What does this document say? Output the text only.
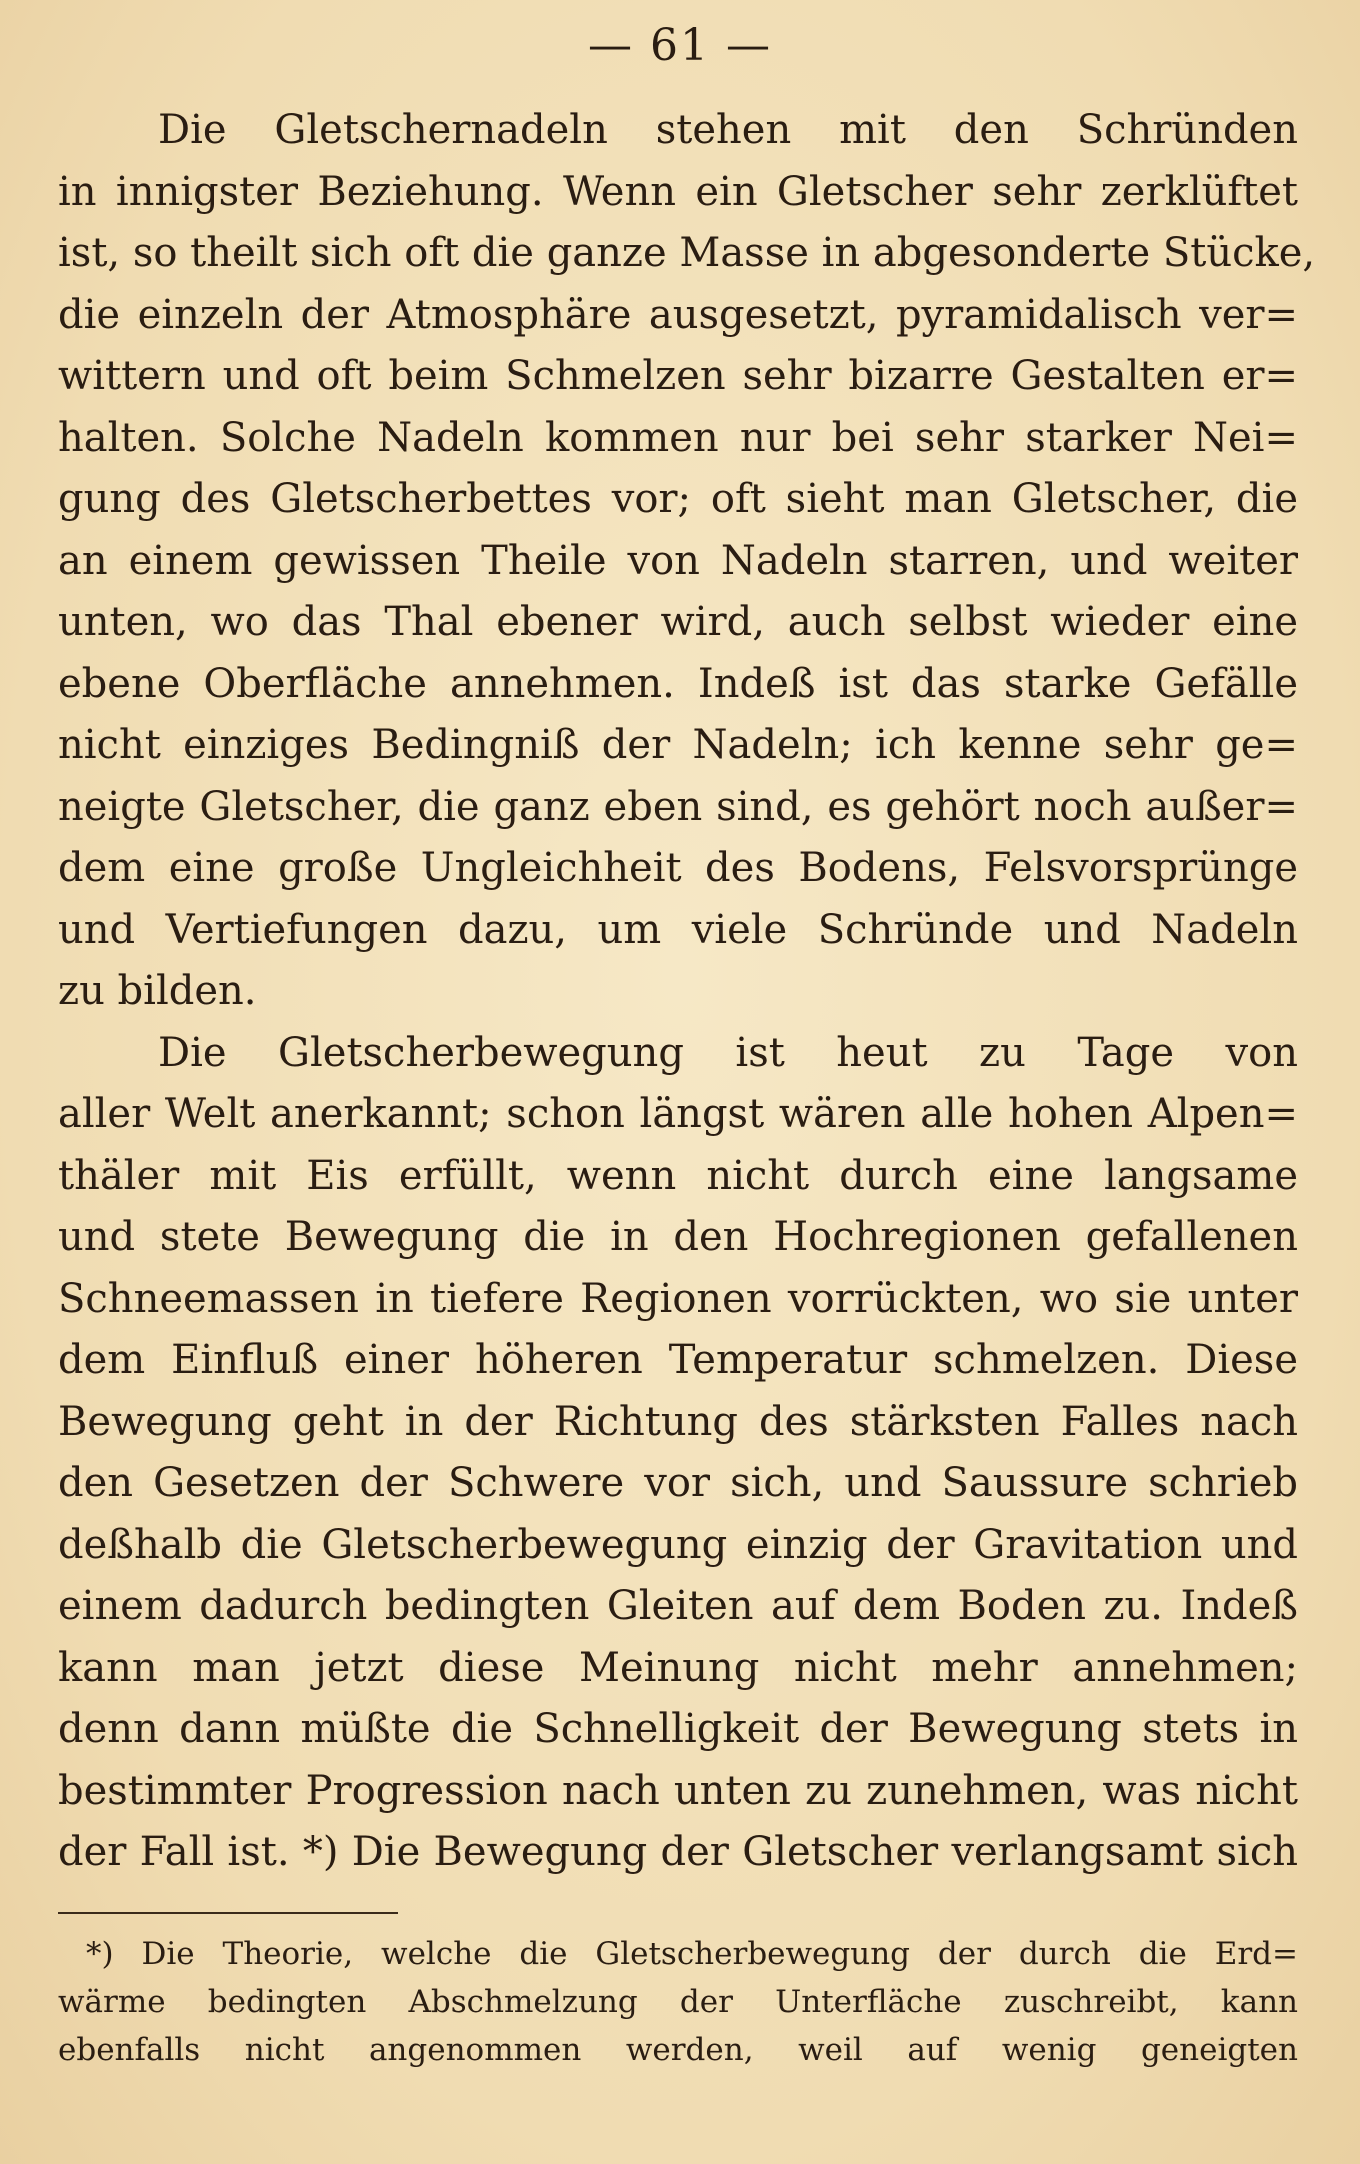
— 61 —
Die Gletschernadeln stehen mit den Schründen
in innigster Beziehung. Wenn ein Gletscher sehr zerklüftet
ist, so theilt sich oft die ganze Masse in abgesonderte Stücke,
die einzeln der Atmosphäre ausgesetzt, pyramidalisch ver=
wittern und oft beim Schmelzen sehr bizarre Gestalten er=
halten. Solche Nadeln kommen nur bei sehr starker Nei=
gung des Gletscherbettes vor; oft sieht man Gletscher, die
an einem gewissen Theile von Nadeln starren, und weiter
unten, wo das Thal ebener wird, auch selbst wieder eine
ebene Oberfläche annehmen. Indeß ist das starke Gefälle
nicht einziges Bedingniß der Nadeln; ich kenne sehr ge=
neigte Gletscher, die ganz eben sind, es gehört noch außer=
dem eine große Ungleichheit des Bodens, Felsvorsprünge
und Vertiefungen dazu, um viele Schründe und Nadeln
zu bilden.
Die Gletscherbewegung ist heut zu Tage von
aller Welt anerkannt; schon längst wären alle hohen Alpen=
thäler mit Eis erfüllt, wenn nicht durch eine langsame
und stete Bewegung die in den Hochregionen gefallenen
Schneemassen in tiefere Regionen vorrückten, wo sie unter
dem Einfluß einer höheren Temperatur schmelzen. Diese
Bewegung geht in der Richtung des stärksten Falles nach
den Gesetzen der Schwere vor sich, und Saussure schrieb
deßhalb die Gletscherbewegung einzig der Gravitation und
einem dadurch bedingten Gleiten auf dem Boden zu. Indeß
kann man jetzt diese Meinung nicht mehr annehmen;
denn dann müßte die Schnelligkeit der Bewegung stets in
bestimmter Progression nach unten zu zunehmen, was nicht
der Fall ist. *) Die Bewegung der Gletscher verlangsamt sich
*) Die Theorie, welche die Gletscherbewegung der durch die Erd=
wärme bedingten Abschmelzung der Unterfläche zuschreibt, kann
ebenfalls nicht angenommen werden, weil auf wenig geneigten
